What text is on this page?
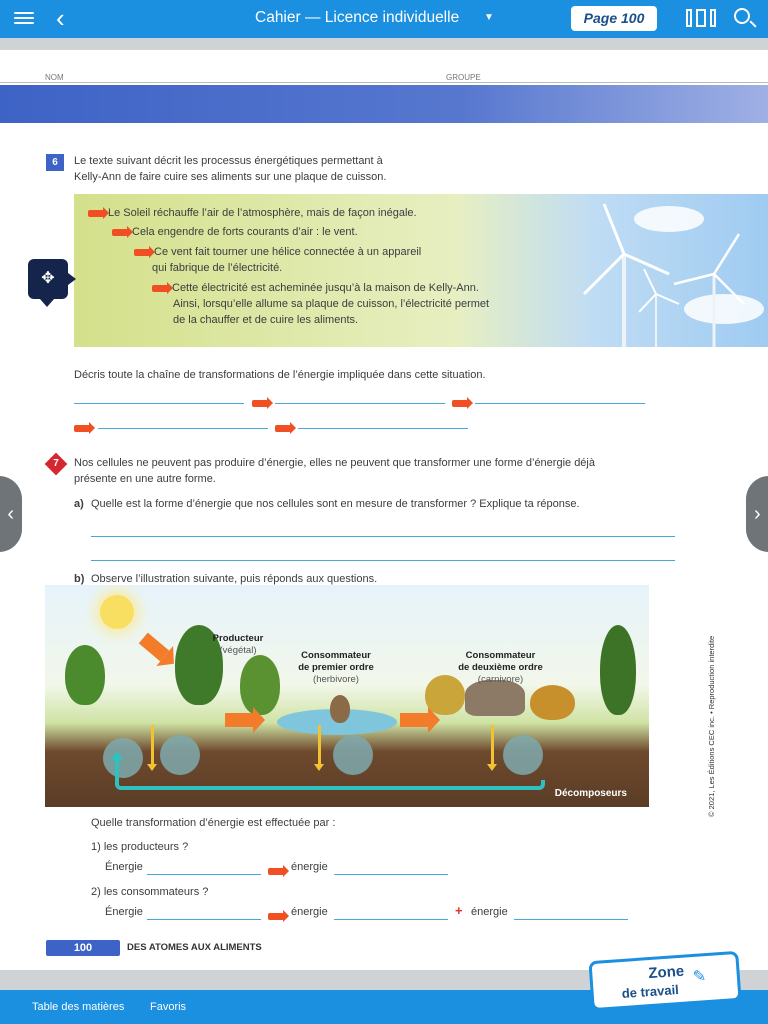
‹	Cahier — Licence individuelle ▼	Page 100
NOM	GROUPE
6	Le texte suivant décrit les processus énergétiques permettant à
Kelly-Ann de faire cuire ses aliments sur une plaque de cuisson.
Le Soleil réchauffe l’air de l’atmosphère, mais de façon inégale.
Cela engendre de forts courants d’air : le vent.
Ce vent fait tourner une hélice connectée à un appareil
qui fabrique de l’électricité.
Cette électricité est acheminée jusqu’à la maison de Kelly-Ann.
Ainsi, lorsqu’elle allume sa plaque de cuisson, l’électricité permet
de la chauffer et de cuire les aliments.
Décris toute la chaîne de transformations de l’énergie impliquée dans cette situation.
7	Nos cellules ne peuvent pas produire d’énergie, elles ne peuvent que transformer une forme d’énergie déjà
présente en une autre forme.
a) Quelle est la forme d’énergie que nos cellules sont en mesure de transformer ? Explique ta réponse.
b) Observe l’illustration suivante, puis réponds aux questions.
Producteur
(végétal)	Consommateur
de premier ordre
(herbivore)
Consommateur
de deuxième ordre
(carnivore)
Décomposeurs	© 2021, Les Éditions CEC inc. • Reproduction interdite
Quelle transformation d’énergie est effectuée par :
1) les producteurs ?
Énergie	énergie
2) les consommateurs ?
Énergie	énergie	+ énergie
100	DES ATOMES AUX ALIMENTS
✥
‹	›
Table des matières Favoris
Zone
de travail
✎
